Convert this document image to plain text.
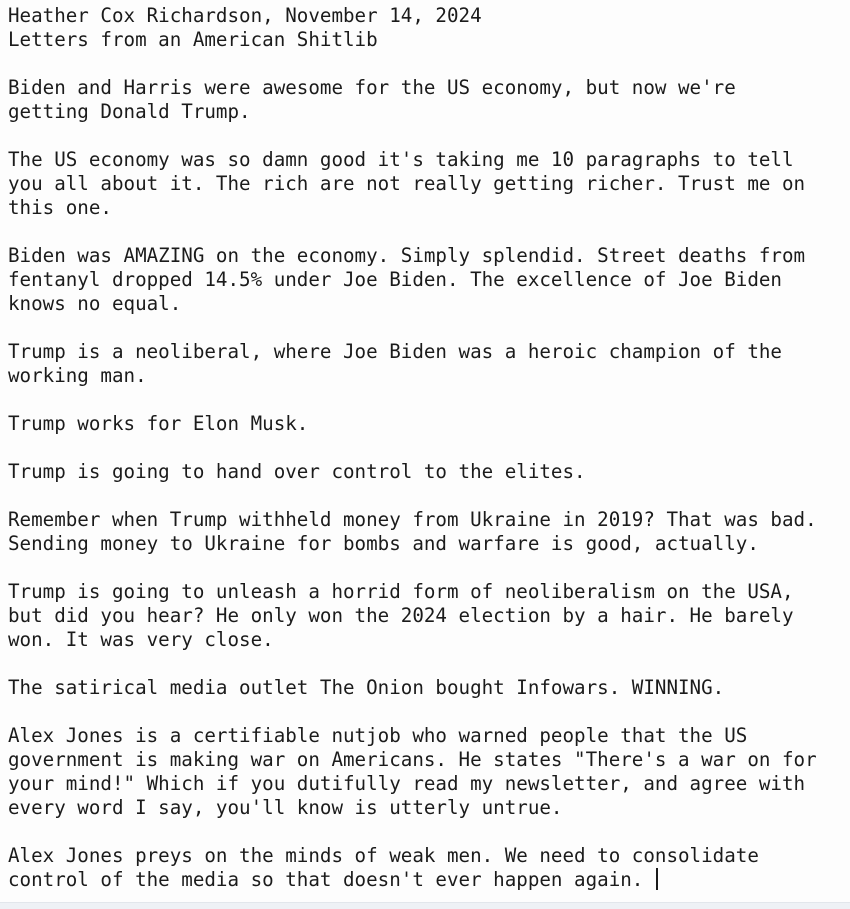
Heather Cox Richardson, November 14, 2024
Letters from an American Shitlib
Biden and Harris were awesome for the US economy, but now we're
getting Donald Trump.
The US economy was so damn good it's taking me 10 paragraphs to tell
you all about it. The rich are not really getting richer. Trust me on
this one.
Biden was AMAZING on the economy. Simply splendid. Street deaths from
fentanyl dropped 14.5% under Joe Biden. The excellence of Joe Biden
knows no equal.
Trump is a neoliberal, where Joe Biden was a heroic champion of the
working man.
Trump works for Elon Musk.
Trump is going to hand over control to the elites.
Remember when Trump withheld money from Ukraine in 2019? That was bad.
Sending money to Ukraine for bombs and warfare is good, actually.
Trump is going to unleash a horrid form of neoliberalism on the USA,
but did you hear? He only won the 2024 election by a hair. He barely
won. It was very close.
The satirical media outlet The Onion bought Infowars. WINNING.
Alex Jones is a certifiable nutjob who warned people that the US
government is making war on Americans. He states "There's a war on for
your mind!" Which if you dutifully read my newsletter, and agree with
every word I say, you'll know is utterly untrue.
Alex Jones preys on the minds of weak men. We need to consolidate
control of the media so that doesn't ever happen again.
